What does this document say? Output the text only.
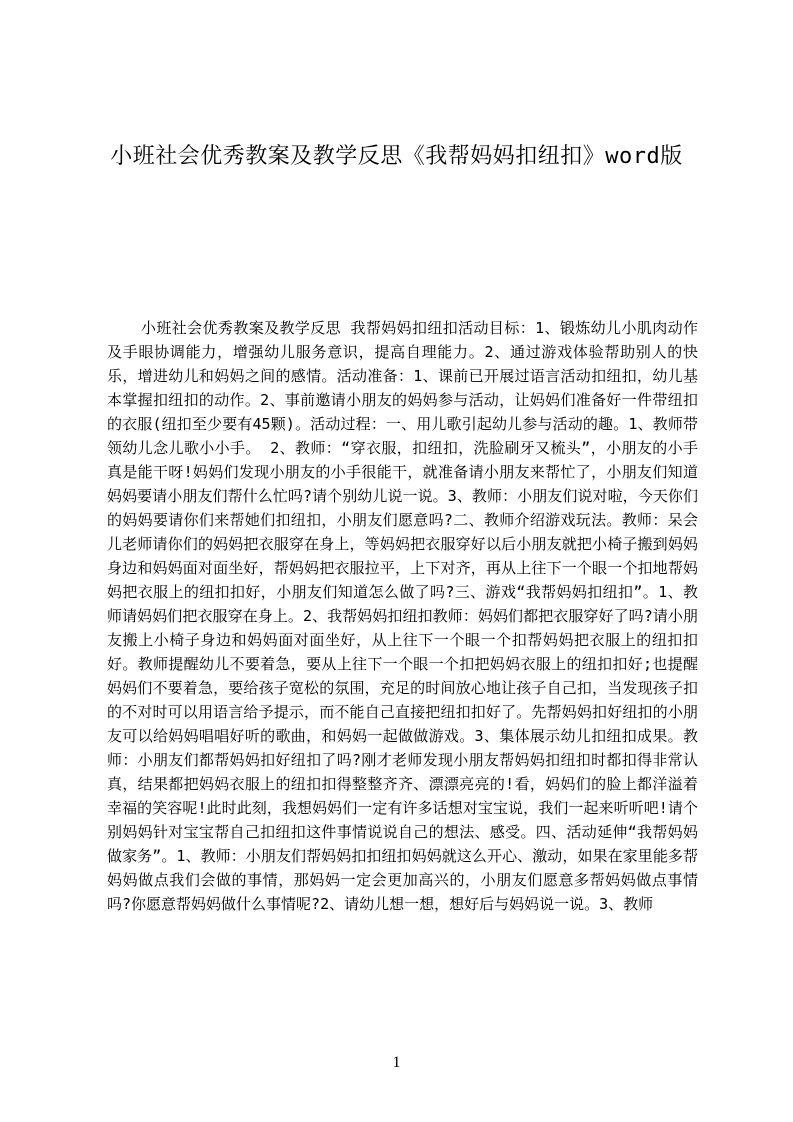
小班社会优秀教案及教学反思《我帮妈妈扣纽扣》word版

小班社会优秀教案及教学反思 我帮妈妈扣纽扣活动目标：1、锻炼幼儿小肌肉动作及手眼协调能力，增强幼儿服务意识，提高自理能力。2、通过游戏体验帮助别人的快乐，增进幼儿和妈妈之间的感情。活动准备：1、课前已开展过语言活动扣纽扣，幼儿基本掌握扣纽扣的动作。2、事前邀请小朋友的妈妈参与活动，让妈妈们准备好一件带纽扣的衣服(纽扣至少要有45颗)。活动过程：一、用儿歌引起幼儿参与活动的趣。1、教师带领幼儿念儿歌小小手。 2、教师：“穿衣服，扣纽扣，洗脸刷牙又梳头”，小朋友的小手真是能干呀!妈妈们发现小朋友的小手很能干，就准备请小朋友来帮忙了，小朋友们知道妈妈要请小朋友们帮什么忙吗?请个别幼儿说一说。3、教师：小朋友们说对啦，今天你们的妈妈要请你们来帮她们扣纽扣，小朋友们愿意吗?二、教师介绍游戏玩法。教师：呆会儿老师请你们的妈妈把衣服穿在身上，等妈妈把衣服穿好以后小朋友就把小椅子搬到妈妈身边和妈妈面对面坐好，帮妈妈把衣服拉平，上下对齐，再从上往下一个眼一个扣地帮妈妈把衣服上的纽扣扣好，小朋友们知道怎么做了吗?三、游戏“我帮妈妈扣纽扣”。1、教师请妈妈们把衣服穿在身上。2、我帮妈妈扣纽扣教师：妈妈们都把衣服穿好了吗?请小朋友搬上小椅子身边和妈妈面对面坐好，从上往下一个眼一个扣帮妈妈把衣服上的纽扣扣好。教师提醒幼儿不要着急，要从上往下一个眼一个扣把妈妈衣服上的纽扣扣好;也提醒妈妈们不要着急，要给孩子宽松的氛围，充足的时间放心地让孩子自己扣，当发现孩子扣的不对时可以用语言给予提示，而不能自己直接把纽扣扣好了。先帮妈妈扣好纽扣的小朋友可以给妈妈唱唱好听的歌曲，和妈妈一起做做游戏。3、集体展示幼儿扣纽扣成果。教师：小朋友们都帮妈妈扣好纽扣了吗?刚才老师发现小朋友帮妈妈扣纽扣时都扣得非常认真，结果都把妈妈衣服上的纽扣扣得整整齐齐、漂漂亮亮的!看，妈妈们的脸上都洋溢着幸福的笑容呢!此时此刻，我想妈妈们一定有许多话想对宝宝说，我们一起来听听吧!请个别妈妈针对宝宝帮自己扣纽扣这件事情说说自己的想法、感受。四、活动延伸“我帮妈妈做家务”。1、教师：小朋友们帮妈妈扣扣纽扣妈妈就这么开心、激动，如果在家里能多帮妈妈做点我们会做的事情，那妈妈一定会更加高兴的，小朋友们愿意多帮妈妈做点事情吗?你愿意帮妈妈做什么事情呢?2、请幼儿想一想，想好后与妈妈说一说。3、教师

1
